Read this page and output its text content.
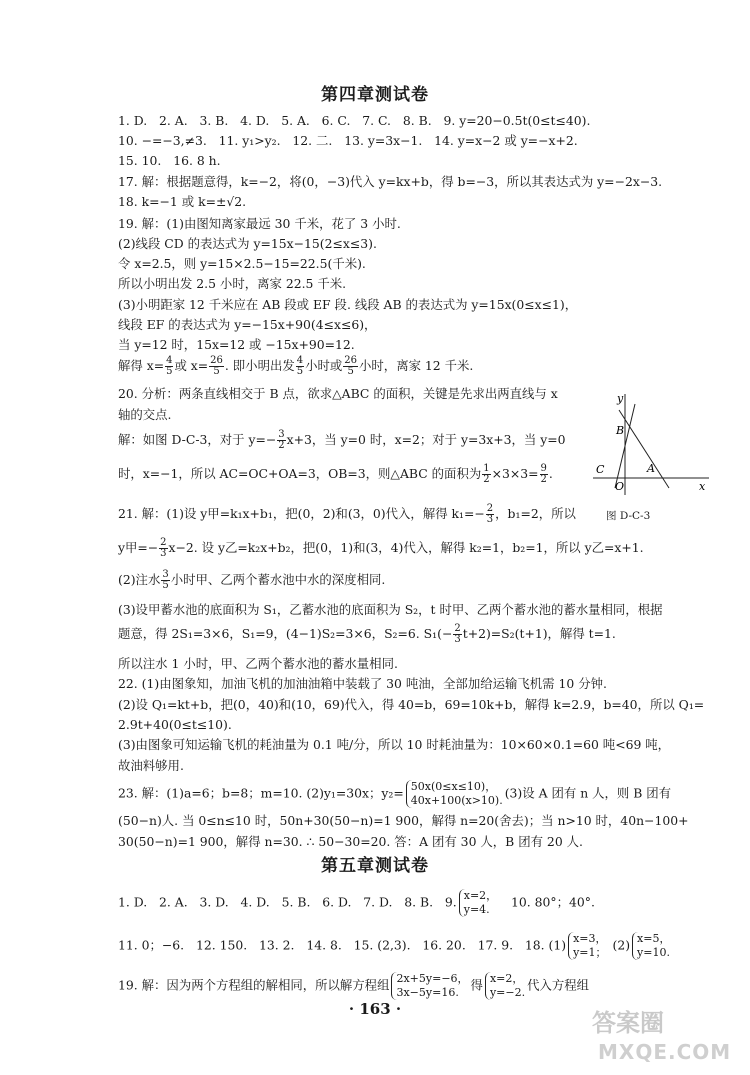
第四章测试卷
1. D. 2. A. 3. B. 4. D. 5. A. 6. C. 7. C. 8. B. 9. y=20−0.5t(0≤t≤40).
10. −=−3,≠3. 11. y₁>y₂. 12. 二. 13. y=3x−1. 14. y=x−2 或 y=−x+2.
15. 10. 16. 8 h.
17. 解：根据题意得，k=−2，将(0，−3)代入 y=kx+b，得 b=−3，所以其表达式为 y=−2x−3.
18. k=−1 或 k=±√2.
19. 解：(1)由图知离家最远 30 千米，花了 3 小时.
(2)线段 CD 的表达式为 y=15x−15(2≤x≤3).
令 x=2.5，则 y=15×2.5−15=22.5(千米).
所以小明出发 2.5 小时，离家 22.5 千米.
(3)小明距家 12 千米应在 AB 段或 EF 段. 线段 AB 的表达式为 y=15x(0≤x≤1)，
线段 EF 的表达式为 y=−15x+90(4≤x≤6)，
当 y=12 时，15x=12 或 −15x+90=12.
解得 $x= \frac{4}{5}$ 或 $x= \frac{26}{5}$ . 即小明出发 $\frac{4}{5}$ 小时或 $\frac{26}{5}$ 小时，离家 12 千米.
20. 分析：两条直线相交于 B 点，欲求△ABC 的面积，关键是先求出两直线与 x
轴的交点.
解：如图 D-C-3，对于 $y=- \frac{3}{2} x+3$，当 y=0 时，x=2；对于 y=3x+3，当 y=0
时，x=−1，所以 AC=OC+OA=3，OB=3，则△ABC 的面积为 $\frac{1}{2} \times 3\times 3= \frac{9}{2}$ .
y
B
C
O
A
x
图 D-C-3
21. 解：(1)设 y甲=k₁x+b₁，把(0，2)和(3，0)代入，解得 $k_1=- \frac{2}{3}$ ，b₁=2，所以
y甲=− $\frac{2}{3} x-2$. 设 y乙=k₂x+b₂，把(0，1)和(3，4)代入，解得 k₂=1，b₂=1，所以 y乙=x+1.
(2)注水 $\frac{3}{5}$ 小时甲、乙两个蓄水池中水的深度相同.
(3)设甲蓄水池的底面积为 S₁，乙蓄水池的底面积为 S₂，t 时甲、乙两个蓄水池的蓄水量相同，根据
题意，得 2S₁=3×6，S₁=9，(4−1)S₂=3×6，S₂=6. $S_1(- \frac{2}{3} t+2)=S_2(t+1)$，解得 t=1.
所以注水 1 小时，甲、乙两个蓄水池的蓄水量相同.
22. (1)由图象知，加油飞机的加油油箱中装载了 30 吨油，全部加给运输飞机需 10 分钟.
(2)设 Q₁=kt+b，把(0，40)和(10，69)代入，得 40=b，69=10k+b，解得 k=2.9，b=40，所以 Q₁=
2.9t+40(0≤t≤10).
(3)由图象可知运输飞机的耗油量为 0.1 吨/分，所以 10 时耗油量为：10×60×0.1=60 吨<69 吨，
故油料够用.
23. 解：(1)a=6；b=8；m=10. (2)y₁=30x；y₂= 50x(0≤x≤10)，
40x+100(x>10). (3)设 A 团有 n 人，则 B 团有
(50−n)人. 当 0≤n≤10 时，50n+30(50−n)=1 900，解得 n=20(舍去)；当 n>10 时，40n−100+
30(50−n)=1 900，解得 n=30. ∴ 50−30=20. 答：A 团有 30 人，B 团有 20 人.
第五章测试卷
1. D. 2. A. 3. D. 4. D. 5. B. 6. D. 7. D. 8. B. 9. x=2，
y=4.	10. 80°；40°.
11. 0；−6. 12. 150. 13. 2. 14. 8. 15. (2,3). 16. 20. 17. 9. 18. (1) x=3，
y=1； (2) x=5，
y=10.
19. 解：因为两个方程组的解相同，所以解方程组 2x+5y=−6，
3x−5y=16. 得 x=2，
y=−2. 代入方程组
· 163 ·	答案圈
MXQE.COM
